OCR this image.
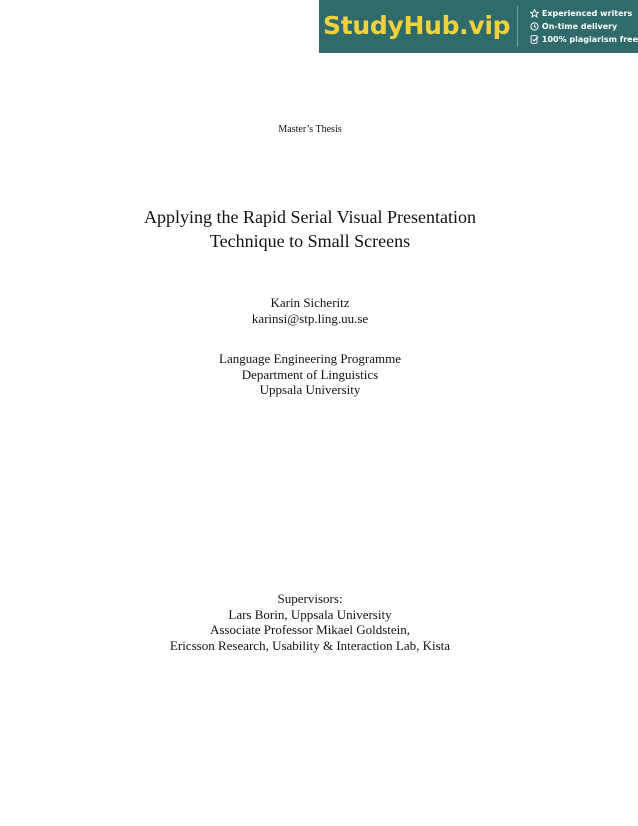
StudyHub.vip	Experienced writers
On-time delivery
100% plagiarism free
Master’s Thesis
Applying the Rapid Serial Visual Presentation
Technique to Small Screens
Karin Sicheritz
karinsi@stp.ling.uu.se
Language Engineering Programme
Department of Linguistics
Uppsala University
Supervisors:
Lars Borin, Uppsala University
Associate Professor Mikael Goldstein,
Ericsson Research, Usability & Interaction Lab, Kista
